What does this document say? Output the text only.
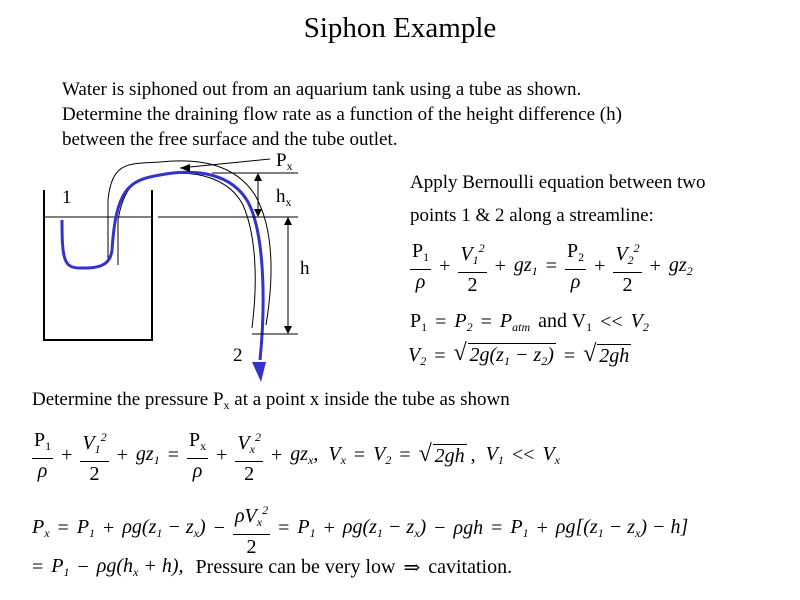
Siphon Example
Water is siphoned out from an aquarium tank using a tube as shown.
Determine the draining flow rate as a function of the height difference (h)
between the free surface and the tube outlet.
1
2
$P_x$
$h_x$
h
Apply Bernoulli equation between two
points 1 & 2 along a streamline:
$\frac{P_1}{\rho} + \frac{V_1^2}{2} + gz_1 = \frac{P_2}{\rho} + \frac{V_2^2}{2} + gz_2$
$P_1 = P_2 = P_{atm}$ and $V_1 << V_2$
$V_2$ = √ $2g(z_1 - z_2)$ = √ 2gh
Determine the pressure $P_x$ at a point x inside the tube as shown
$\frac{P_1}{\rho} + \frac{V_1^2}{2} + gz_1 = \frac{P_x}{\rho} + \frac{V_x^2}{2} + gz_x$, $V_x = V_2$ = √ 2gh , $V_1 << V_x$
$P_x = P_1 + \rho g(z_1 - z_x) - \frac{\rho V_x^2}{2} = P_1 + \rho g(z_1 - z_x) - \rho gh = P_1 + \rho g[(z_1 - z_x) - h]$
= $P_1 - \rho g(h_x + h)$, Pressure can be very low ⇒ cavitation.
